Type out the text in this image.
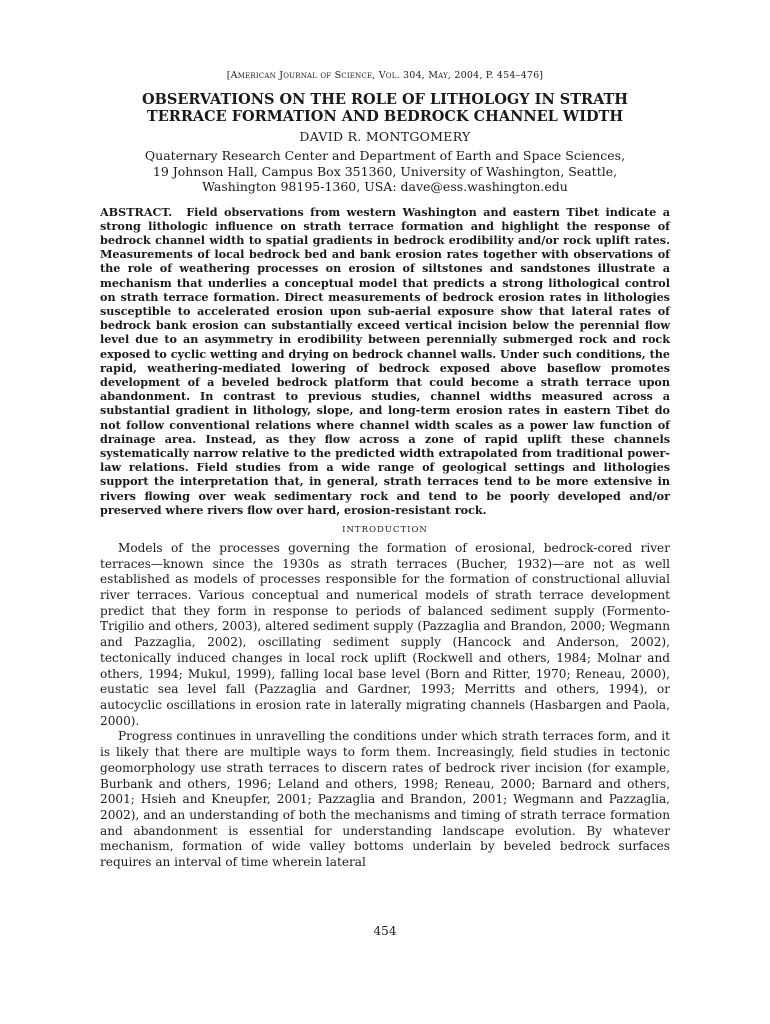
[American Journal of Science, Vol. 304, May, 2004, P. 454–476]
OBSERVATIONS ON THE ROLE OF LITHOLOGY IN STRATH
TERRACE FORMATION AND BEDROCK CHANNEL WIDTH
DAVID R. MONTGOMERY
Quaternary Research Center and Department of Earth and Space Sciences,
19 Johnson Hall, Campus Box 351360, University of Washington, Seattle,
Washington 98195-1360, USA: dave@ess.washington.edu
ABSTRACT. Field observations from western Washington and eastern Tibet indicate a strong lithologic influence on strath terrace formation and highlight the response of bedrock channel width to spatial gradients in bedrock erodibility and/or rock uplift rates. Measurements of local bedrock bed and bank erosion rates together with observations of the role of weathering processes on erosion of siltstones and sandstones illustrate a mechanism that underlies a conceptual model that predicts a strong lithological control on strath terrace formation. Direct measurements of bedrock erosion rates in lithologies susceptible to accelerated erosion upon sub-aerial exposure show that lateral rates of bedrock bank erosion can substantially exceed vertical incision below the perennial flow level due to an asymmetry in erodibility between perennially submerged rock and rock exposed to cyclic wetting and drying on bedrock channel walls. Under such conditions, the rapid, weathering-mediated lowering of bedrock exposed above baseflow promotes development of a beveled bedrock platform that could become a strath terrace upon abandonment. In contrast to previous studies, channel widths measured across a substantial gradient in lithology, slope, and long-term erosion rates in eastern Tibet do not follow conventional relations where channel width scales as a power law function of drainage area. Instead, as they flow across a zone of rapid uplift these channels systematically narrow relative to the predicted width extrapolated from traditional power-law relations. Field studies from a wide range of geological settings and lithologies support the interpretation that, in general, strath terraces tend to be more extensive in rivers flowing over weak sedimentary rock and tend to be poorly developed and/or preserved where rivers flow over hard, erosion-resistant rock.
INTRODUCTION

Models of the processes governing the formation of erosional, bedrock-cored river terraces—known since the 1930s as strath terraces (Bucher, 1932)—are not as well established as models of processes responsible for the formation of constructional alluvial river terraces. Various conceptual and numerical models of strath terrace development predict that they form in response to periods of balanced sediment supply (Formento-Trigilio and others, 2003), altered sediment supply (Pazzaglia and Brandon, 2000; Wegmann and Pazzaglia, 2002), oscillating sediment supply (Hancock and Anderson, 2002), tectonically induced changes in local rock uplift (Rockwell and others, 1984; Molnar and others, 1994; Mukul, 1999), falling local base level (Born and Ritter, 1970; Reneau, 2000), eustatic sea level fall (Pazzaglia and Gardner, 1993; Merritts and others, 1994), or autocyclic oscillations in erosion rate in laterally migrating channels (Hasbargen and Paola, 2000).

Progress continues in unravelling the conditions under which strath terraces form, and it is likely that there are multiple ways to form them. Increasingly, field studies in tectonic geomorphology use strath terraces to discern rates of bedrock river incision (for example, Burbank and others, 1996; Leland and others, 1998; Reneau, 2000; Barnard and others, 2001; Hsieh and Kneupfer, 2001; Pazzaglia and Brandon, 2001; Wegmann and Pazzaglia, 2002), and an understanding of both the mechanisms and timing of strath terrace formation and abandonment is essential for understanding landscape evolution. By whatever mechanism, formation of wide valley bottoms underlain by beveled bedrock surfaces requires an interval of time wherein lateral

454
